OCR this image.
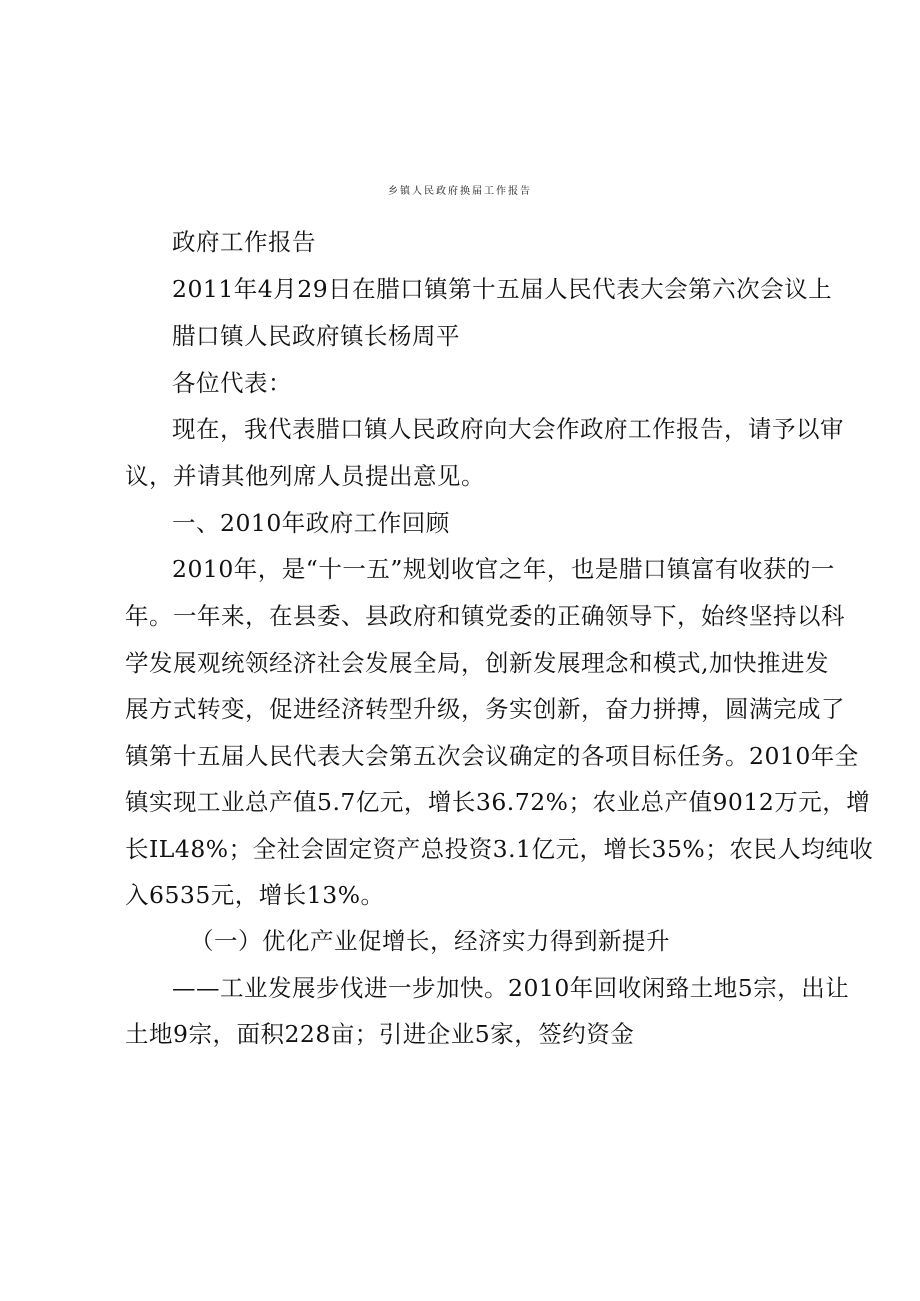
乡镇人民政府换届工作报告
政府工作报告
2011年4月29日在腊口镇第十五届人民代表大会第六次会议上
腊口镇人民政府镇长杨周平
各位代表：
现在，我代表腊口镇人民政府向大会作政府工作报告，请予以审
议，并请其他列席人员提出意见。
一、2010年政府工作回顾
2010年，是“十一五”规划收官之年，也是腊口镇富有收获的一
年。一年来，在县委、县政府和镇党委的正确领导下，始终坚持以科
学发展观统领经济社会发展全局，创新发展理念和模式,加快推进发
展方式转变，促进经济转型升级，务实创新，奋力拼搏，圆满完成了
镇第十五届人民代表大会第五次会议确定的各项目标任务。2010年全
镇实现工业总产值5.7亿元，增长36.72%；农业总产值9012万元，增
长IL48%；全社会固定资产总投资3.1亿元，增长35%；农民人均纯收
入6535元，增长13%。
（一）优化产业促增长，经济实力得到新提升
——工业发展步伐进一步加快。2010年回收闲臵土地5宗，出让
土地9宗，面积228亩；引进企业5家，签约资金
